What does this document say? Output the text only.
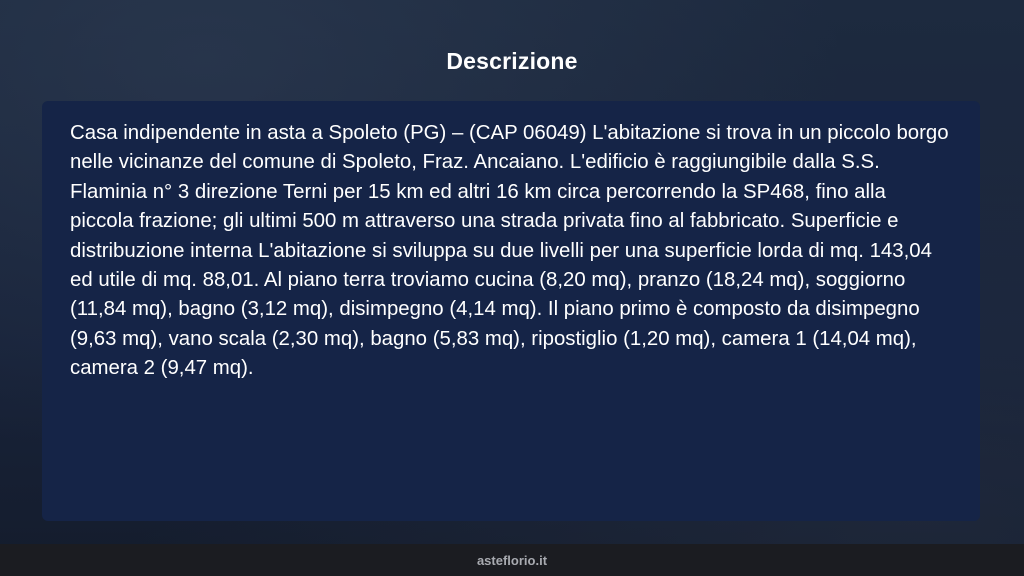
Descrizione

Casa indipendente in asta a Spoleto (PG) – (CAP 06049) L'abitazione si trova in un piccolo borgo nelle vicinanze del comune di Spoleto, Fraz. Ancaiano. L'edificio è raggiungibile dalla S.S. Flaminia n° 3 direzione Terni per 15 km ed altri 16 km circa percorrendo la SP468, fino alla piccola frazione; gli ultimi 500 m attraverso una strada privata fino al fabbricato. Superficie e distribuzione interna L'abitazione si sviluppa su due livelli per una superficie lorda di mq. 143,04 ed utile di mq. 88,01. Al piano terra troviamo cucina (8,20 mq), pranzo (18,24 mq), soggiorno (11,84 mq), bagno (3,12 mq), disimpegno (4,14 mq). Il piano primo è composto da disimpegno (9,63 mq), vano scala (2,30 mq), bagno (5,83 mq), ripostiglio (1,20 mq), camera 1 (14,04 mq), camera 2 (9,47 mq).

asteflorio.it
